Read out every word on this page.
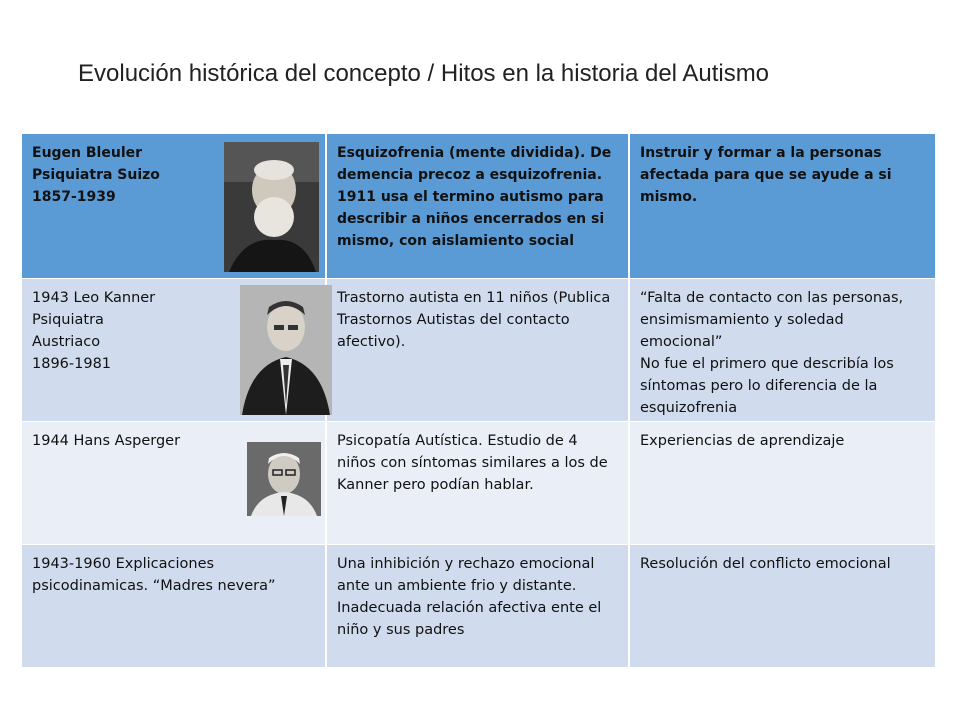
Evolución histórica del concepto / Hitos en la historia del Autismo
Eugen Bleuler
Psiquiatra Suizo
1857-1939
Esquizofrenia (mente dividida). De demencia precoz a esquizofrenia. 1911 usa el termino autismo para describir a niños encerrados en si mismo, con aislamiento social
Instruir y formar a la personas afectada para que se ayude a si mismo.
1943 Leo Kanner
Psiquiatra
Austriaco
1896-1981
Trastorno autista en 11 niños (Publica Trastornos Autistas del contacto afectivo).
“Falta de contacto con las personas, ensimismamiento y soledad emocional”
No fue el primero que describía los síntomas pero lo diferencia de la esquizofrenia
1944 Hans Asperger	Psicopatía Autística. Estudio de 4 niños con síntomas similares a los de Kanner pero podían hablar.
Experiencias de aprendizaje
1943-1960 Explicaciones
psicodinamicas. “Madres nevera”
Una inhibición y rechazo emocional ante un ambiente frio y distante. Inadecuada relación afectiva ente el niño y sus padres
Resolución del conflicto emocional
